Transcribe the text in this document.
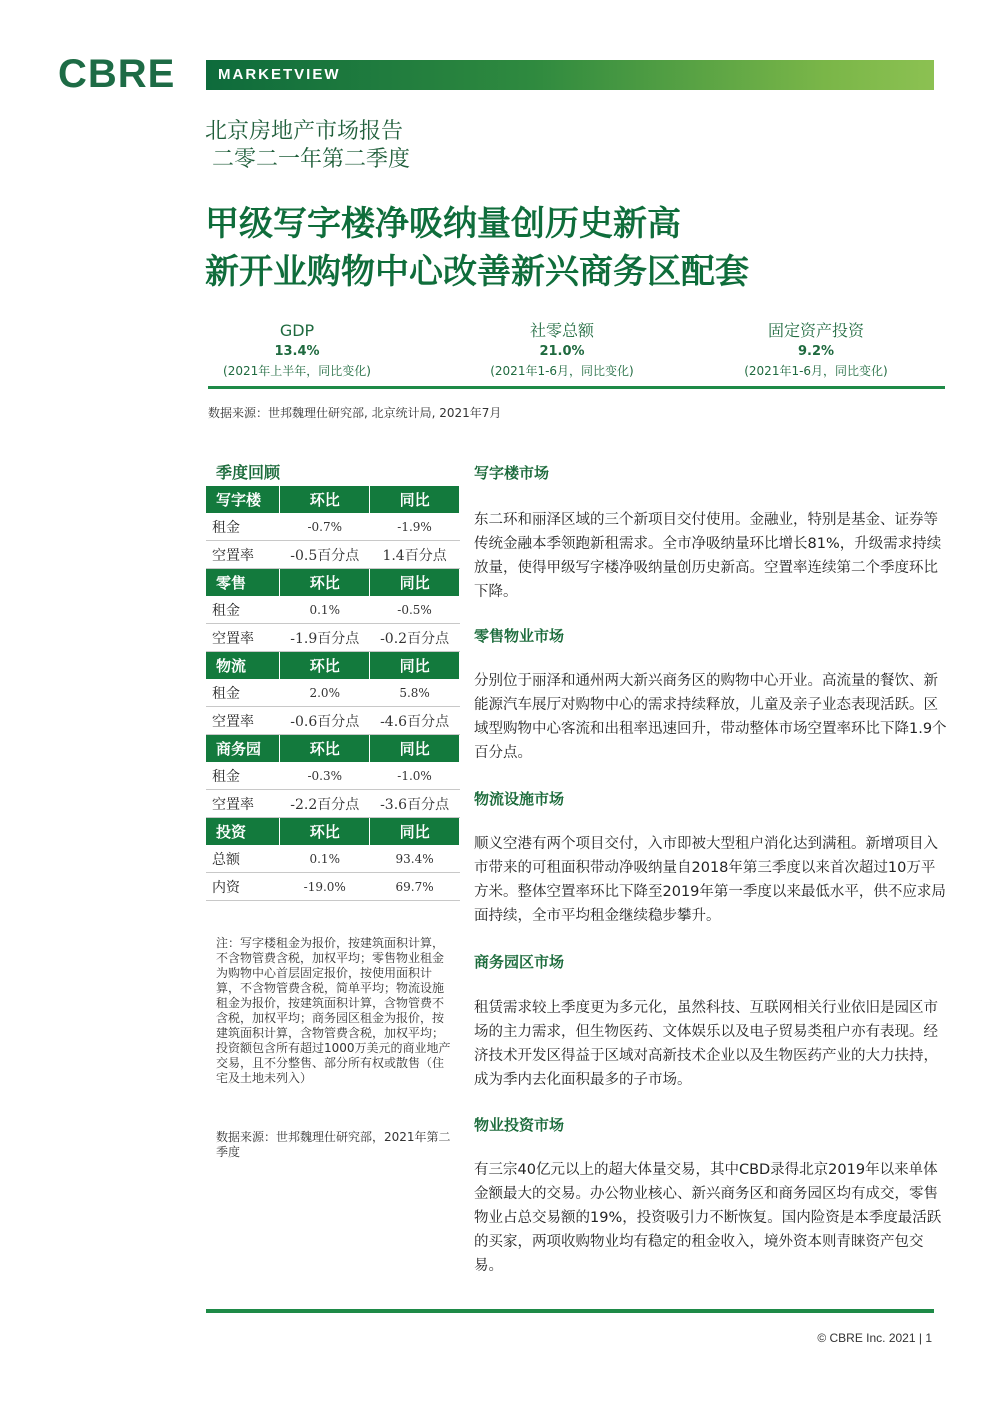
CBRE	MARKETVIEW
北京房地产市场报告
二零二一年第二季度
甲级写字楼净吸纳量创历史新高
新开业购物中心改善新兴商务区配套
GDP
13.4%
(2021年上半年，同比变化)
社零总额
21.0%
(2021年1-6月，同比变化)
固定资产投资
9.2%
(2021年1-6月，同比变化)
数据来源：世邦魏理仕研究部, 北京统计局, 2021年7月
季度回顾
写字楼	环比	同比
租金	-0.7%	-1.9%
空置率	-0.5百分点	1.4百分点
零售	环比	同比
租金	0.1%	-0.5%
空置率	-1.9百分点	-0.2百分点
物流	环比	同比
租金	2.0%	5.8%
空置率	-0.6百分点	-4.6百分点
商务园	环比	同比
租金	-0.3%	-1.0%
空置率	-2.2百分点	-3.6百分点
投资	环比	同比
总额	0.1%	93.4%
内资	-19.0%	69.7%
注：写字楼租金为报价，按建筑面积计算，不含物管费含税，加权平均；零售物业租金为购物中心首层固定报价，按使用面积计算，不含物管费含税，简单平均；物流设施租金为报价，按建筑面积计算，含物管费不含税，加权平均；商务园区租金为报价，按建筑面积计算，含物管费含税，加权平均；投资额包含所有超过1000万美元的商业地产交易，且不分整售、部分所有权或散售（住宅及土地未列入）
数据来源：世邦魏理仕研究部，2021年第二季度
写字楼市场
东二环和丽泽区域的三个新项目交付使用。金融业，特别是基金、证券等传统金融本季领跑新租需求。全市净吸纳量环比增长81%，升级需求持续放量，使得甲级写字楼净吸纳量创历史新高。空置率连续第二个季度环比下降。
零售物业市场
分别位于丽泽和通州两大新兴商务区的购物中心开业。高流量的餐饮、新能源汽车展厅对购物中心的需求持续释放，儿童及亲子业态表现活跃。区域型购物中心客流和出租率迅速回升，带动整体市场空置率环比下降1.9个百分点。
物流设施市场
顺义空港有两个项目交付，入市即被大型租户消化达到满租。新增项目入市带来的可租面积带动净吸纳量自2018年第三季度以来首次超过10万平方米。整体空置率环比下降至2019年第一季度以来最低水平，供不应求局面持续，全市平均租金继续稳步攀升。
商务园区市场
租赁需求较上季度更为多元化，虽然科技、互联网相关行业依旧是园区市场的主力需求，但生物医药、文体娱乐以及电子贸易类租户亦有表现。经济技术开发区得益于区域对高新技术企业以及生物医药产业的大力扶持，成为季内去化面积最多的子市场。
物业投资市场
有三宗40亿元以上的超大体量交易，其中CBD录得北京2019年以来单体金额最大的交易。办公物业核心、新兴商务区和商务园区均有成交，零售物业占总交易额的19%，投资吸引力不断恢复。国内险资是本季度最活跃的买家，两项收购物业均有稳定的租金收入，境外资本则青睐资产包交易。
© CBRE Inc. 2021 | 1
